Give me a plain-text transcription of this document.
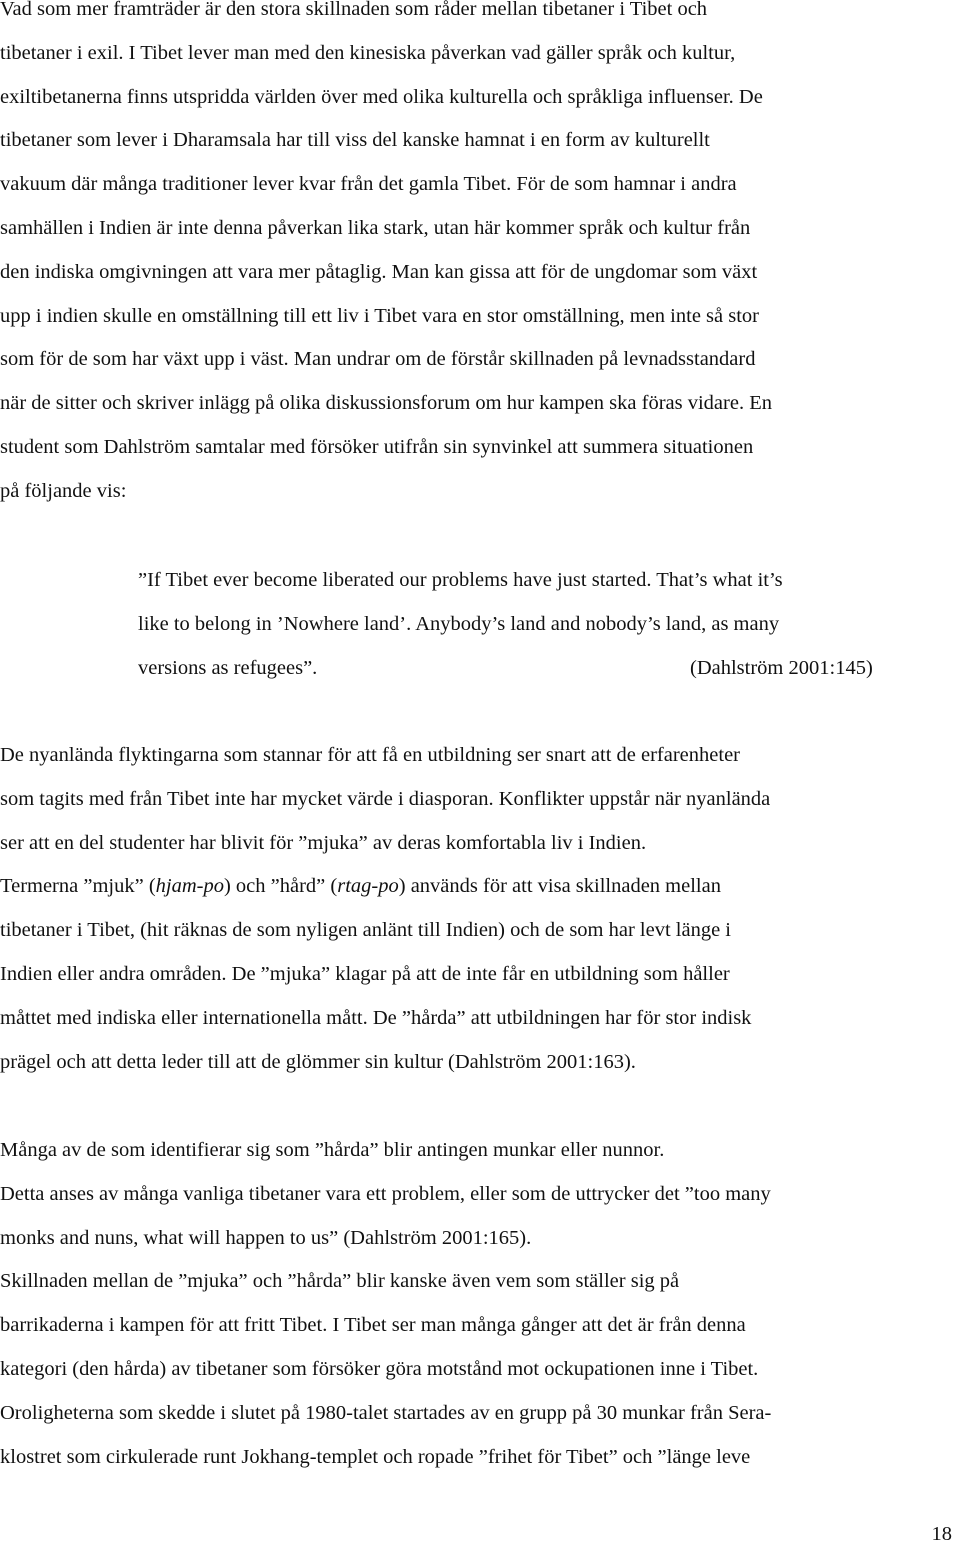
Vad som mer framträder är den stora skillnaden som råder mellan tibetaner i Tibet och
tibetaner i exil. I Tibet lever man med den kinesiska påverkan vad gäller språk och kultur,
exiltibetanerna finns utspridda världen över med olika kulturella och språkliga influenser. De
tibetaner som lever i Dharamsala har till viss del kanske hamnat i en form av kulturellt
vakuum där många traditioner lever kvar från det gamla Tibet. För de som hamnar i andra
samhällen i Indien är inte denna påverkan lika stark, utan här kommer språk och kultur från
den indiska omgivningen att vara mer påtaglig. Man kan gissa att för de ungdomar som växt
upp i indien skulle en omställning till ett liv i Tibet vara en stor omställning, men inte så stor
som för de som har växt upp i väst. Man undrar om de förstår skillnaden på levnadsstandard
när de sitter och skriver inlägg på olika diskussionsforum om hur kampen ska föras vidare. En
student som Dahlström samtalar med försöker utifrån sin synvinkel att summera situationen
på följande vis:

”If Tibet ever become liberated our problems have just started. That’s what it’s
like to belong in ’Nowhere land’. Anybody’s land and nobody’s land, as many
versions as refugees”.	(Dahlström 2001:145)

De nyanlända flyktingarna som stannar för att få en utbildning ser snart att de erfarenheter
som tagits med från Tibet inte har mycket värde i diasporan. Konflikter uppstår när nyanlända
ser att en del studenter har blivit för ”mjuka” av deras komfortabla liv i Indien.
Termerna ”mjuk” (hjam-po) och ”hård” (rtag-po) används för att visa skillnaden mellan
tibetaner i Tibet, (hit räknas de som nyligen anlänt till Indien) och de som har levt länge i
Indien eller andra områden. De ”mjuka” klagar på att de inte får en utbildning som håller
måttet med indiska eller internationella mått. De ”hårda” att utbildningen har för stor indisk
prägel och att detta leder till att de glömmer sin kultur (Dahlström 2001:163).

Många av de som identifierar sig som ”hårda” blir antingen munkar eller nunnor.
Detta anses av många vanliga tibetaner vara ett problem, eller som de uttrycker det ”too many
monks and nuns, what will happen to us” (Dahlström 2001:165).
Skillnaden mellan de ”mjuka” och ”hårda” blir kanske även vem som ställer sig på
barrikaderna i kampen för att fritt Tibet. I Tibet ser man många gånger att det är från denna
kategori (den hårda) av tibetaner som försöker göra motstånd mot ockupationen inne i Tibet.
Oroligheterna som skedde i slutet på 1980-talet startades av en grupp på 30 munkar från Sera-
klostret som cirkulerade runt Jokhang-templet och ropade ”frihet för Tibet” och ”länge leve

18
